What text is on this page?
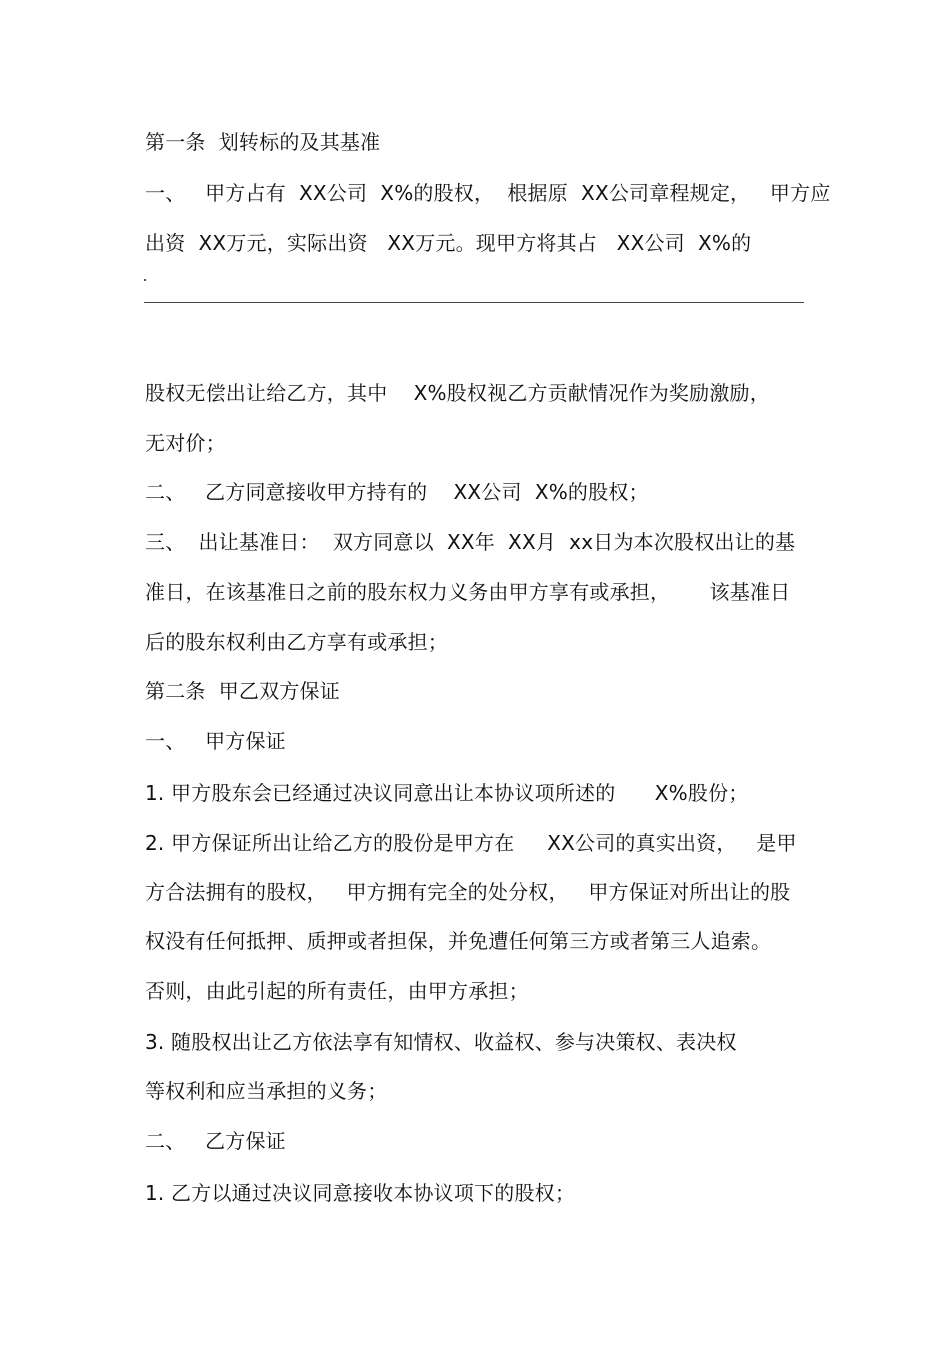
第一条  划转标的及其基准
一、   甲方占有  XX公司  X%的股权，  根据原  XX公司章程规定，   甲方应
出资  XX万元，实际出资   XX万元。现甲方将其占   XX公司  X%的
股权无偿出让给乙方，其中    X%股权视乙方贡献情况作为奖励激励，
无对价；
二、   乙方同意接收甲方持有的    XX公司  X%的股权；
三、  出让基准日：  双方同意以  XX年  XX月  xx日为本次股权出让的基
准日，在该基准日之前的股东权力义务由甲方享有或承担，      该基准日
后的股东权利由乙方享有或承担；
第二条  甲乙双方保证
一、   甲方保证
1. 甲方股东会已经通过决议同意出让本协议项所述的      X%股份；
2. 甲方保证所出让给乙方的股份是甲方在     XX公司的真实出资，   是甲
方合法拥有的股权，   甲方拥有完全的处分权，   甲方保证对所出让的股
权没有任何抵押、质押或者担保，并免遭任何第三方或者第三人追索。
否则，由此引起的所有责任，由甲方承担；
3. 随股权出让乙方依法享有知情权、收益权、参与决策权、表决权
等权利和应当承担的义务；
二、   乙方保证
1. 乙方以通过决议同意接收本协议项下的股权；
